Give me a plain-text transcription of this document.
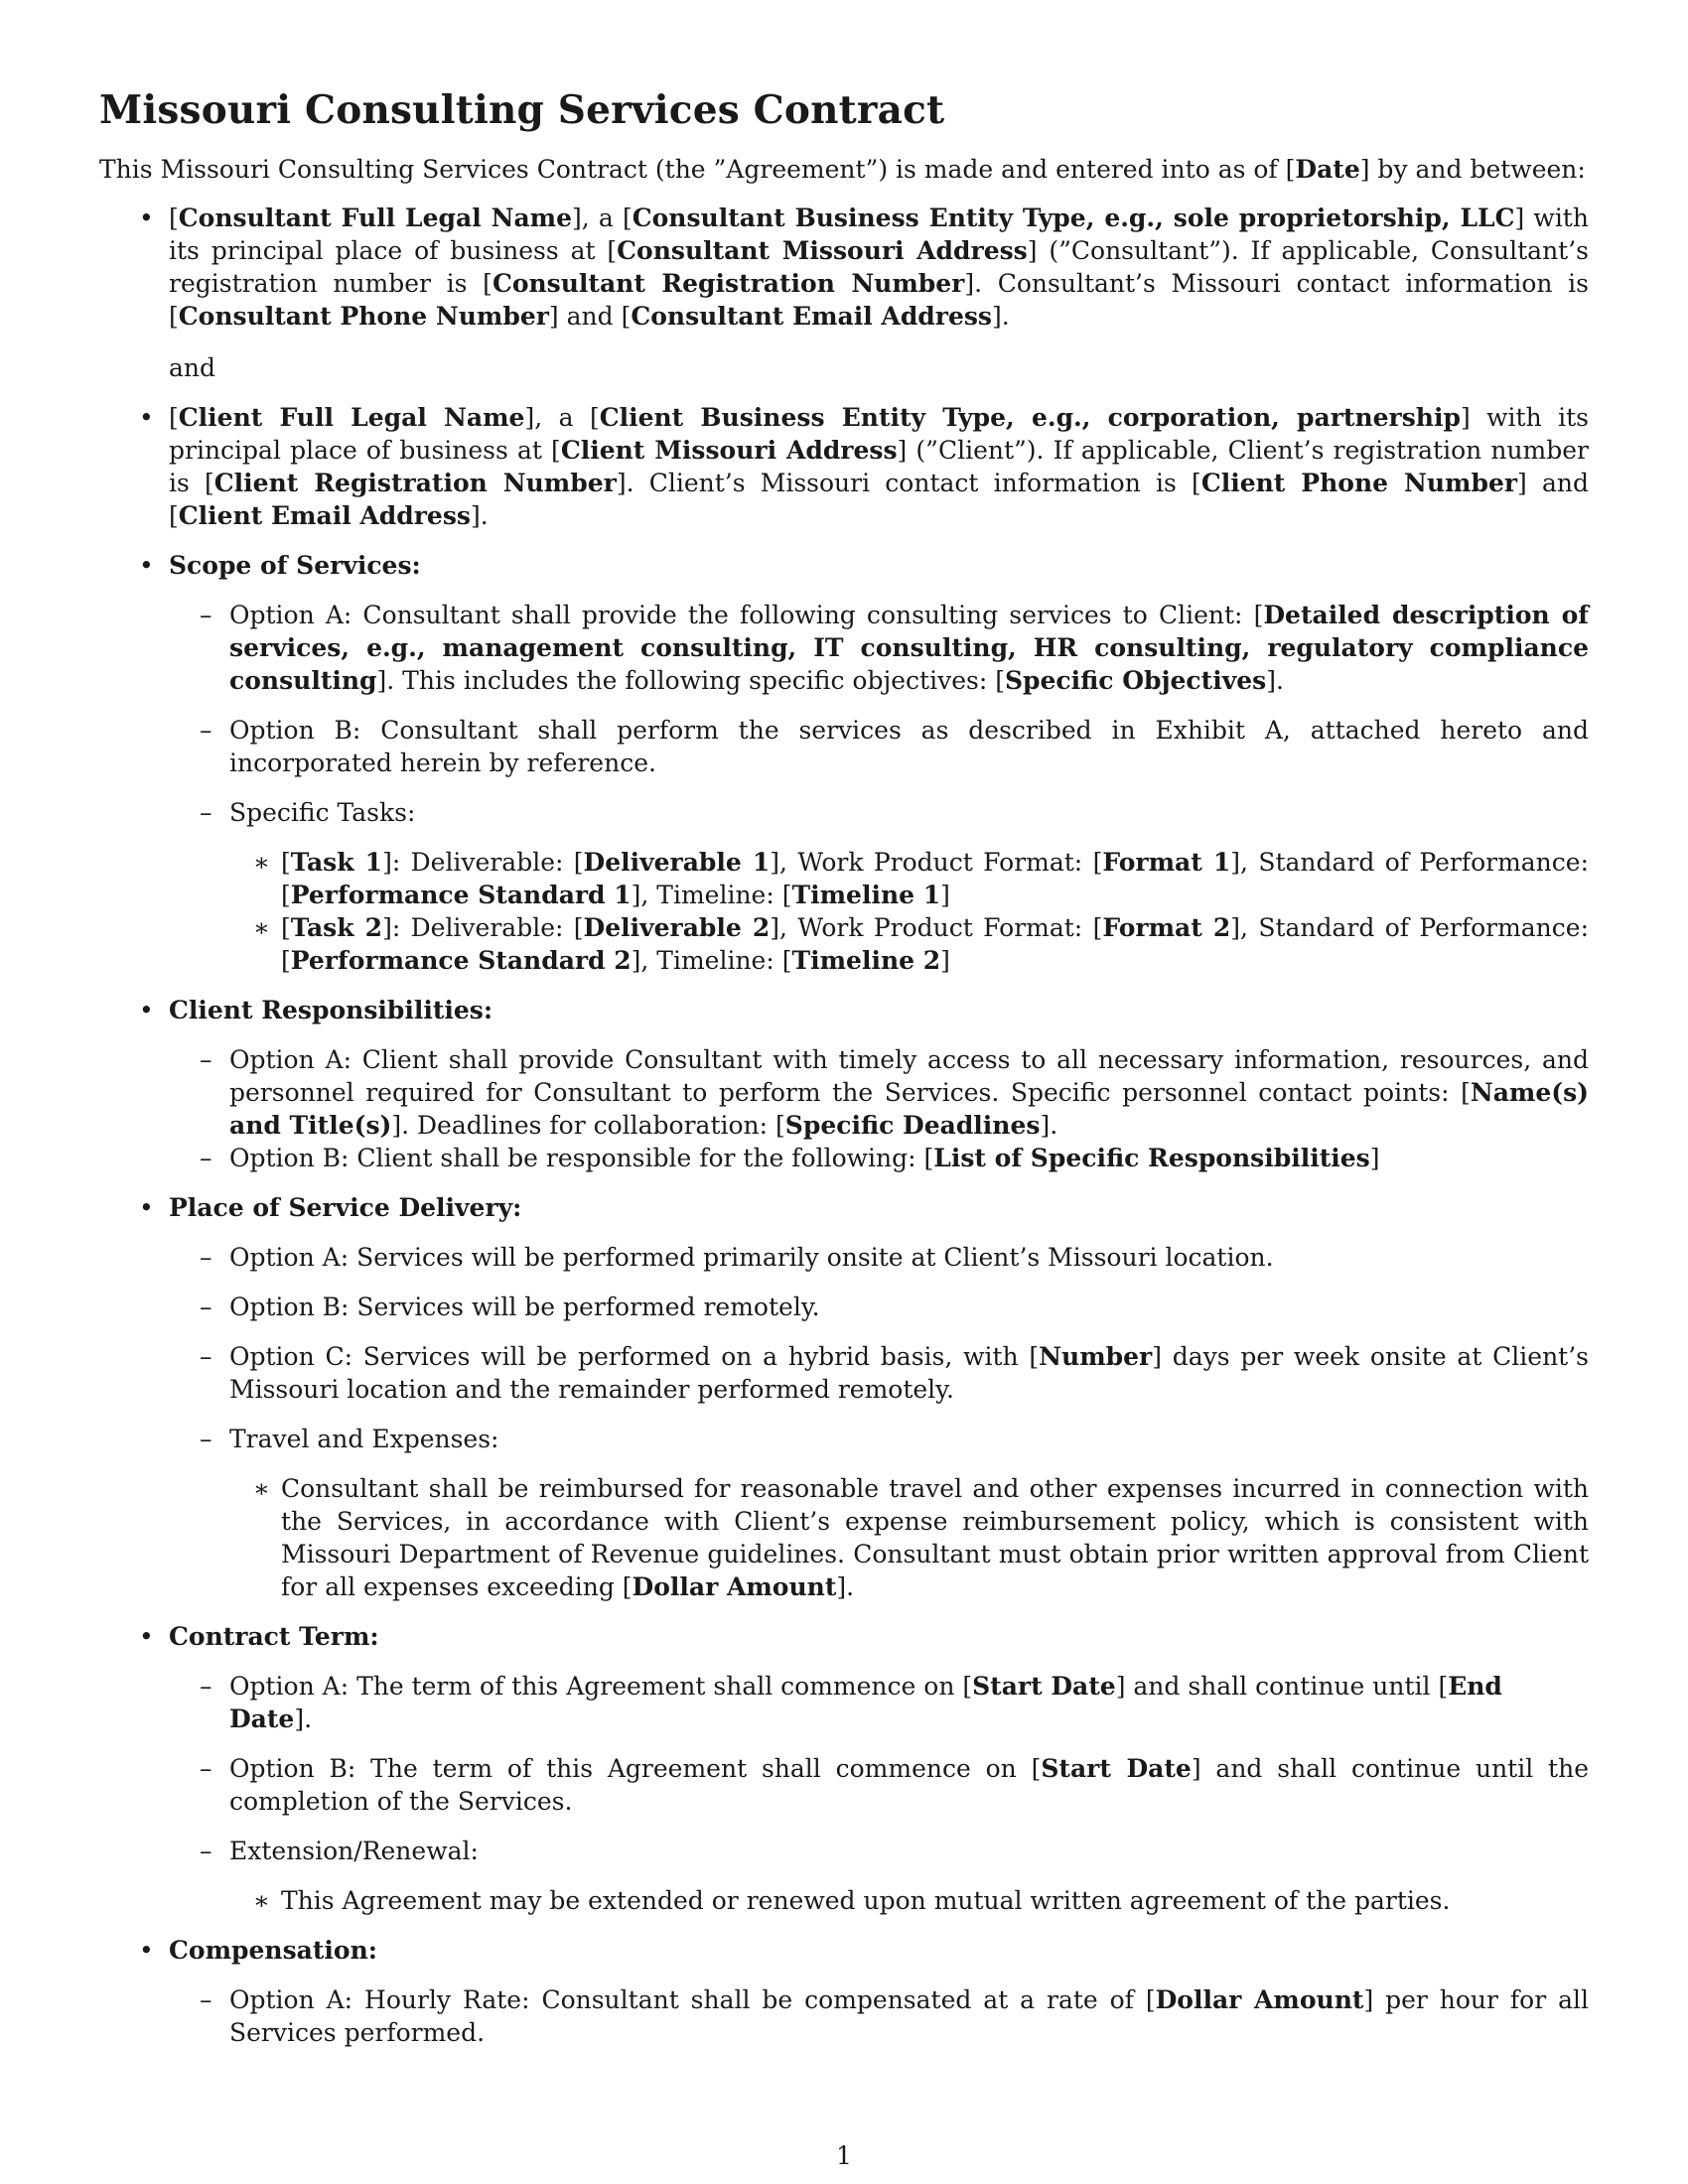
Missouri Consulting Services Contract

This Missouri Consulting Services Contract (the ”Agreement”) is made and entered into as of [Date] by and between:

• [Consultant Full Legal Name], a [Consultant Business Entity Type, e.g., sole proprietorship, LLC] with its principal place of business at [Consultant Missouri Address] (”Consultant”). If applicable, Consultant’s registration number is [Consultant Registration Number]. Consultant’s Missouri contact information is [Consultant Phone Number] and [Consultant Email Address].

and

• [Client Full Legal Name], a [Client Business Entity Type, e.g., corporation, partnership] with its principal place of business at [Client Missouri Address] (”Client”). If applicable, Client’s registration number is [Client Registration Number]. Client’s Missouri contact information is [Client Phone Number] and [Client Email Address].

• Scope of Services:
– Option A: Consultant shall provide the following consulting services to Client: [Detailed description of services, e.g., management consulting, IT consulting, HR consulting, regulatory compliance consulting]. This includes the following specific objectives: [Specific Objectives].
– Option B: Consultant shall perform the services as described in Exhibit A, attached hereto and incorporated herein by reference.
– Specific Tasks:
∗ [Task 1]: Deliverable: [Deliverable 1], Work Product Format: [Format 1], Standard of Performance: [Performance Standard 1], Timeline: [Timeline 1]
∗ [Task 2]: Deliverable: [Deliverable 2], Work Product Format: [Format 2], Standard of Performance: [Performance Standard 2], Timeline: [Timeline 2]
• Client Responsibilities:
– Option A: Client shall provide Consultant with timely access to all necessary information, resources, and personnel required for Consultant to perform the Services. Specific personnel contact points: [Name(s) and Title(s)]. Deadlines for collaboration: [Specific Deadlines].
– Option B: Client shall be responsible for the following: [List of Specific Responsibilities]
• Place of Service Delivery:
– Option A: Services will be performed primarily onsite at Client’s Missouri location.
– Option B: Services will be performed remotely.
– Option C: Services will be performed on a hybrid basis, with [Number] days per week onsite at Client’s Missouri location and the remainder performed remotely.
– Travel and Expenses:
∗ Consultant shall be reimbursed for reasonable travel and other expenses incurred in connection with the Services, in accordance with Client’s expense reimbursement policy, which is consistent with Missouri Department of Revenue guidelines. Consultant must obtain prior written approval from Client for all expenses exceeding [Dollar Amount].
• Contract Term:
– Option A: The term of this Agreement shall commence on [Start Date] and shall continue until [End Date].
– Option B: The term of this Agreement shall commence on [Start Date] and shall continue until the completion of the Services.
– Extension/Renewal:
∗ This Agreement may be extended or renewed upon mutual written agreement of the parties.
• Compensation:
– Option A: Hourly Rate: Consultant shall be compensated at a rate of [Dollar Amount] per hour for all Services performed.
1
